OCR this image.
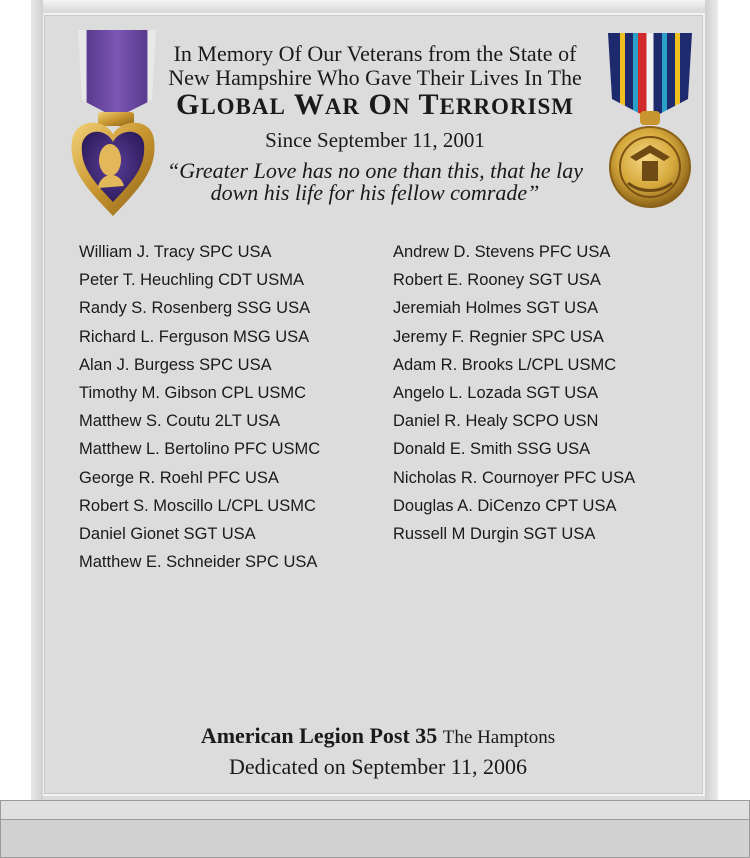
In Memory Of Our Veterans from the State of
New Hampshire Who Gave Their Lives In The
GLOBAL WAR ON TERRORISM
Since September 11, 2001
“Greater Love has no one than this, that he lay
down his life for his fellow comrade”
William J. Tracy SPC USA
Peter T. Heuchling CDT USMA
Randy S. Rosenberg SSG USA
Richard L. Ferguson MSG USA
Alan J. Burgess SPC USA
Timothy M. Gibson CPL USMC
Matthew S. Coutu 2LT USA
Matthew L. Bertolino PFC USMC
George R. Roehl PFC USA
Robert S. Moscillo L/CPL USMC
Daniel Gionet SGT USA
Matthew E. Schneider SPC USA
Andrew D. Stevens PFC USA
Robert E. Rooney SGT USA
Jeremiah Holmes SGT USA
Jeremy F. Regnier SPC USA
Adam R. Brooks L/CPL USMC
Angelo L. Lozada SGT USA
Daniel R. Healy SCPO USN
Donald E. Smith SSG USA
Nicholas R. Cournoyer PFC USA
Douglas A. DiCenzo CPT USA
Russell M Durgin SGT USA
American Legion Post 35 The Hamptons
Dedicated on September 11, 2006
